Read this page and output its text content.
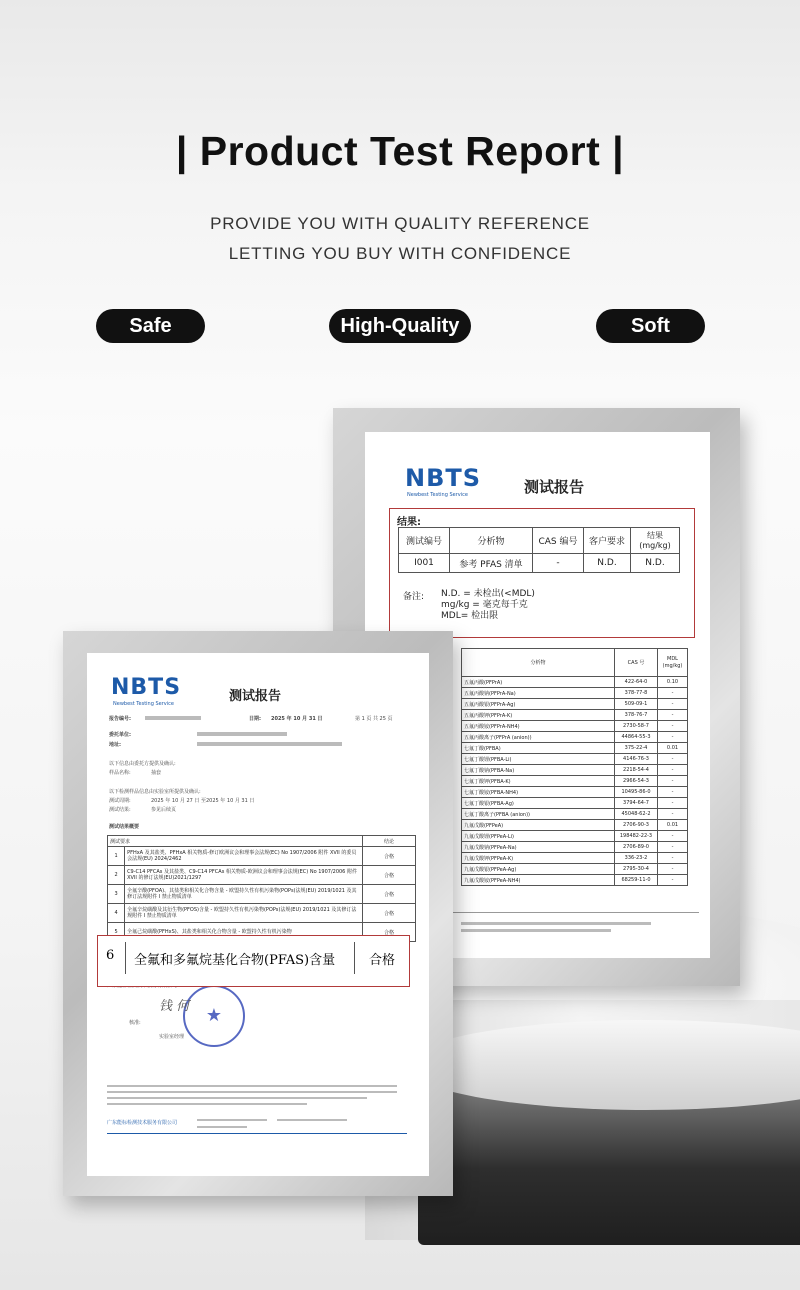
| Product Test Report |
PROVIDE YOU WITH QUALITY REFERENCE
LETTING YOU BUY WITH CONFIDENCE
Safe	High-Quality	Soft
NBTS
Newbest Testing Service	测试报告
结果:
测试编号	分析物	CAS 编号	客户要求	结果
(mg/kg)
I001	参考 PFAS 清单	-	N.D.	N.D.
备注: N.D. = 未检出(<MDL)
mg/kg = 毫克每千克
MDL= 检出限
分析物	CAS 号	MDL
(mg/kg)
五氟丙酸(PFPrA)	422-64-0	0.10
五氟丙酸钠(PFPrA-Na)	378-77-8	-
五氟丙酸银(PFPrA-Ag)	509-09-1	-
五氟丙酸钾(PFPrA-K)	378-76-7	-
五氟丙酸铵(PFPrA-NH4)	2730-58-7	-
五氟丙酸离子(PFPrA (anion))	44864-55-3	-
七氟丁酸(PFBA)	375-22-4	0.01
七氟丁酸锂(PFBA-Li)	4146-76-3	-
七氟丁酸钠(PFBA-Na)	2218-54-4	-
七氟丁酸钾(PFBA-K)	2966-54-3	-
七氟丁酸铵(PFBA-NH4)	10495-86-0	-
七氟丁酸银(PFBA-Ag)	3794-64-7	-
七氟丁酸离子(PFBA (anion))	45048-62-2	-
九氟戊酸(PFPeA)	2706-90-3	0.01
九氟戊酸锂(PFPeA-Li)	198482-22-3	-
九氟戊酸钠(PFPeA-Na)	2706-89-0	-
九氟戊酸钾(PFPeA-K)	336-23-2	-
九氟戊酸银(PFPeA-Ag)	2795-30-4	-
九氟戊酸铵(PFPeA-NH4)	68259-11-0	-
NBTS
Newbest Testing Service	测试报告
报告编号:	日期: 2025 年 10 月 31 日	第 1 页 共 25 页
委托单位:
地址:
以下信息由委托方提供及确认:
样品名称:	抽套
以下检测样品信息由实验室所提供及确认:
测试周期:	2025 年 10 月 27 日 至2025 年 10 月 31 日
测试结果:	参见后续页
测试结果概要
测试要求		结论
1	PFHxA 及其盐类、PFHxA 相关物质-修订欧洲议会和理事会法规(EC) No 1907/2006 附件 XVII 的委员会法规(EU) 2024/2462	合格
2	C9-C14 PFCAs 及其盐类、C9-C14 PFCAs 相关物质-欧洲议会和理事会法规(EC) No 1907/2006 附件 XVII 的修订法规(EU)2021/1297	合格
3	全氟辛酸(PFOA)、其盐类和相关化合物含量 - 欧盟持久性有机污染物(POPs)法规(EU) 2019/1021 及其修订法规附件 I 禁止物质清单	合格
4	全氟辛烷磺酸及其衍生物(PFOS)含量 - 欧盟持久性有机污染物(POPs)法规(EU) 2019/1021 及其修订法规附件 I 禁止物质清单	合格
5	全氟己烷磺酸(PFHxS)、其盐类和相关化合物含量 - 欧盟持久性有机污染物	合格
★
钱 何
核准:
实验室经理
广东能标检测技术服务有限公司
6 全氟和多氟烷基化合物(PFAS)含量	合格
